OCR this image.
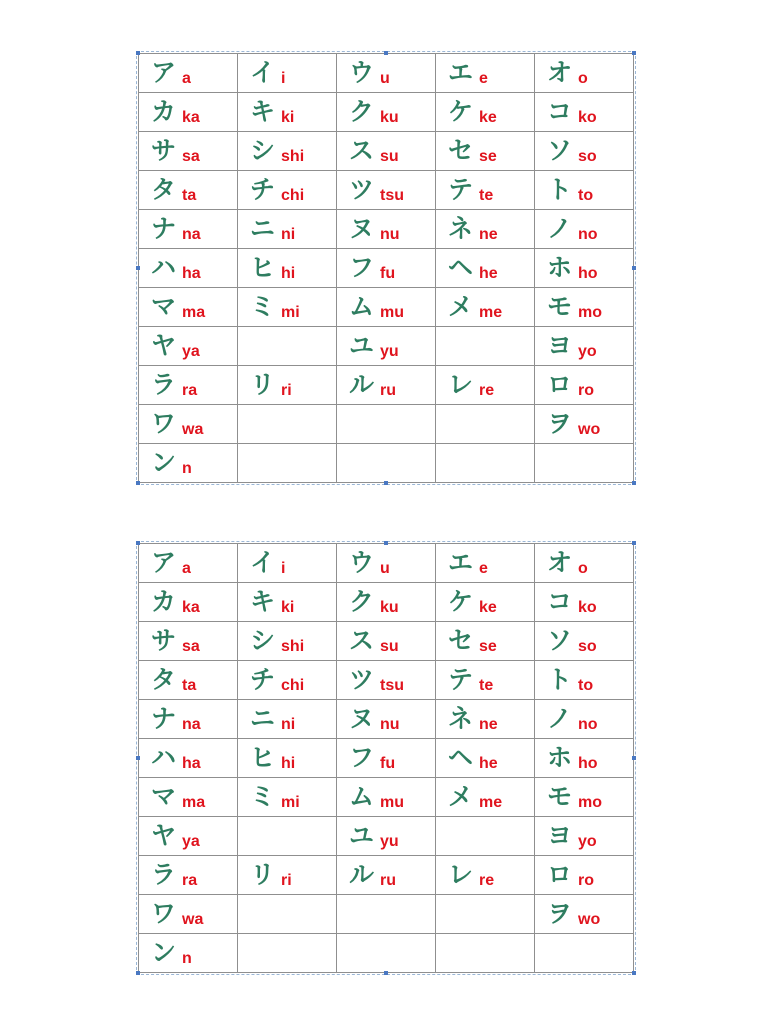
ア a	イ i	ウ u	エ e	オ o
カ ka	キ ki	ク ku	ケ ke	コ ko
サ sa	シ shi	ス su	セ se	ソ so
タ ta	チ chi	ツ tsu	テ te	ト to
ナ na	ニ ni	ヌ nu	ネ ne	ノ no
ハ ha	ヒ hi	フ fu	ヘ he	ホ ho
マ ma	ミ mi	ム mu	メ me	モ mo
ヤ ya		ユ yu		ヨ yo
ラ ra	リ ri	ル ru	レ re	ロ ro
ワ wa				ヲ wo
ン n				
ア a	イ i	ウ u	エ e	オ o
カ ka	キ ki	ク ku	ケ ke	コ ko
サ sa	シ shi	ス su	セ se	ソ so
タ ta	チ chi	ツ tsu	テ te	ト to
ナ na	ニ ni	ヌ nu	ネ ne	ノ no
ハ ha	ヒ hi	フ fu	ヘ he	ホ ho
マ ma	ミ mi	ム mu	メ me	モ mo
ヤ ya		ユ yu		ヨ yo
ラ ra	リ ri	ル ru	レ re	ロ ro
ワ wa				ヲ wo
ン n				
